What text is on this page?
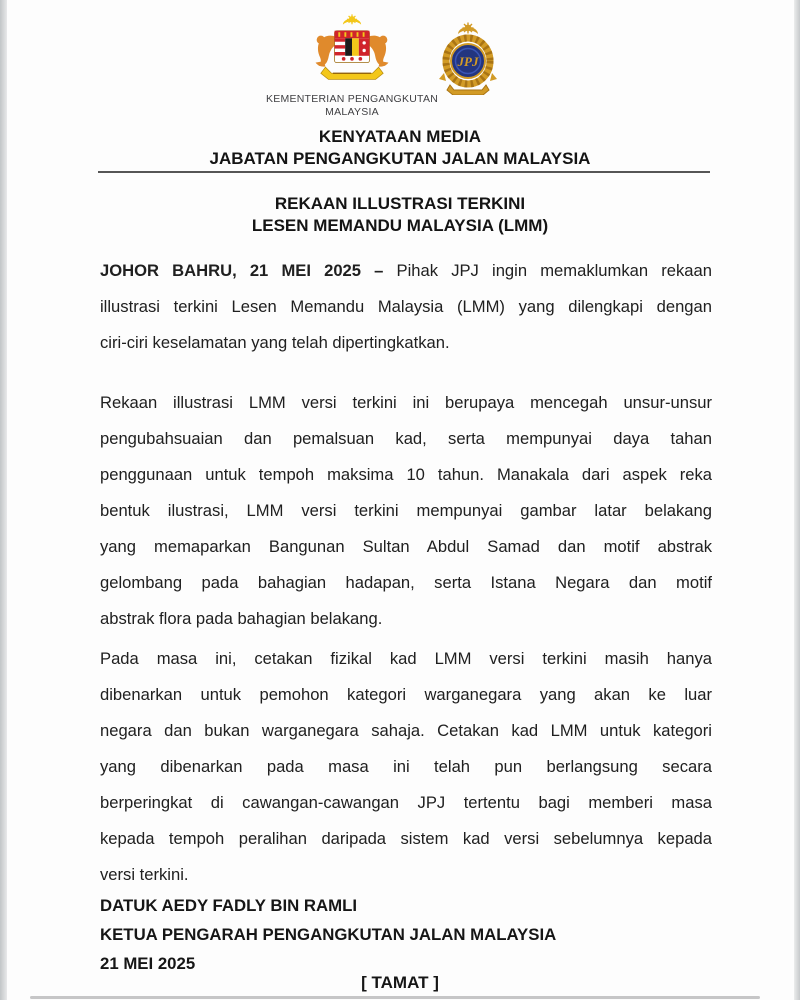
KEMENTERIAN PENGANGKUTAN
MALAYSIA
JPJ
KENYATAAN MEDIA
JABATAN PENGANGKUTAN JALAN MALAYSIA
REKAAN ILLUSTRASI TERKINI
LESEN MEMANDU MALAYSIA (LMM)
JOHOR BAHRU, 21 MEI 2025 – Pihak JPJ ingin memaklumkan rekaan
illustrasi terkini Lesen Memandu Malaysia (LMM) yang dilengkapi dengan
ciri-ciri keselamatan yang telah dipertingkatkan.
Rekaan illustrasi LMM versi terkini ini berupaya mencegah unsur-unsur
pengubahsuaian dan pemalsuan kad, serta mempunyai daya tahan
penggunaan untuk tempoh maksima 10 tahun. Manakala dari aspek reka
bentuk ilustrasi, LMM versi terkini mempunyai gambar latar belakang
yang memaparkan Bangunan Sultan Abdul Samad dan motif abstrak
gelombang pada bahagian hadapan, serta Istana Negara dan motif
abstrak flora pada bahagian belakang.
Pada masa ini, cetakan fizikal kad LMM versi terkini masih hanya
dibenarkan untuk pemohon kategori warganegara yang akan ke luar
negara dan bukan warganegara sahaja. Cetakan kad LMM untuk kategori
yang dibenarkan pada masa ini telah pun berlangsung secara
berperingkat di cawangan-cawangan JPJ tertentu bagi memberi masa
kepada tempoh peralihan daripada sistem kad versi sebelumnya kepada
versi terkini.
DATUK AEDY FADLY BIN RAMLI
KETUA PENGARAH PENGANGKUTAN JALAN MALAYSIA
21 MEI 2025
[ TAMAT ]
